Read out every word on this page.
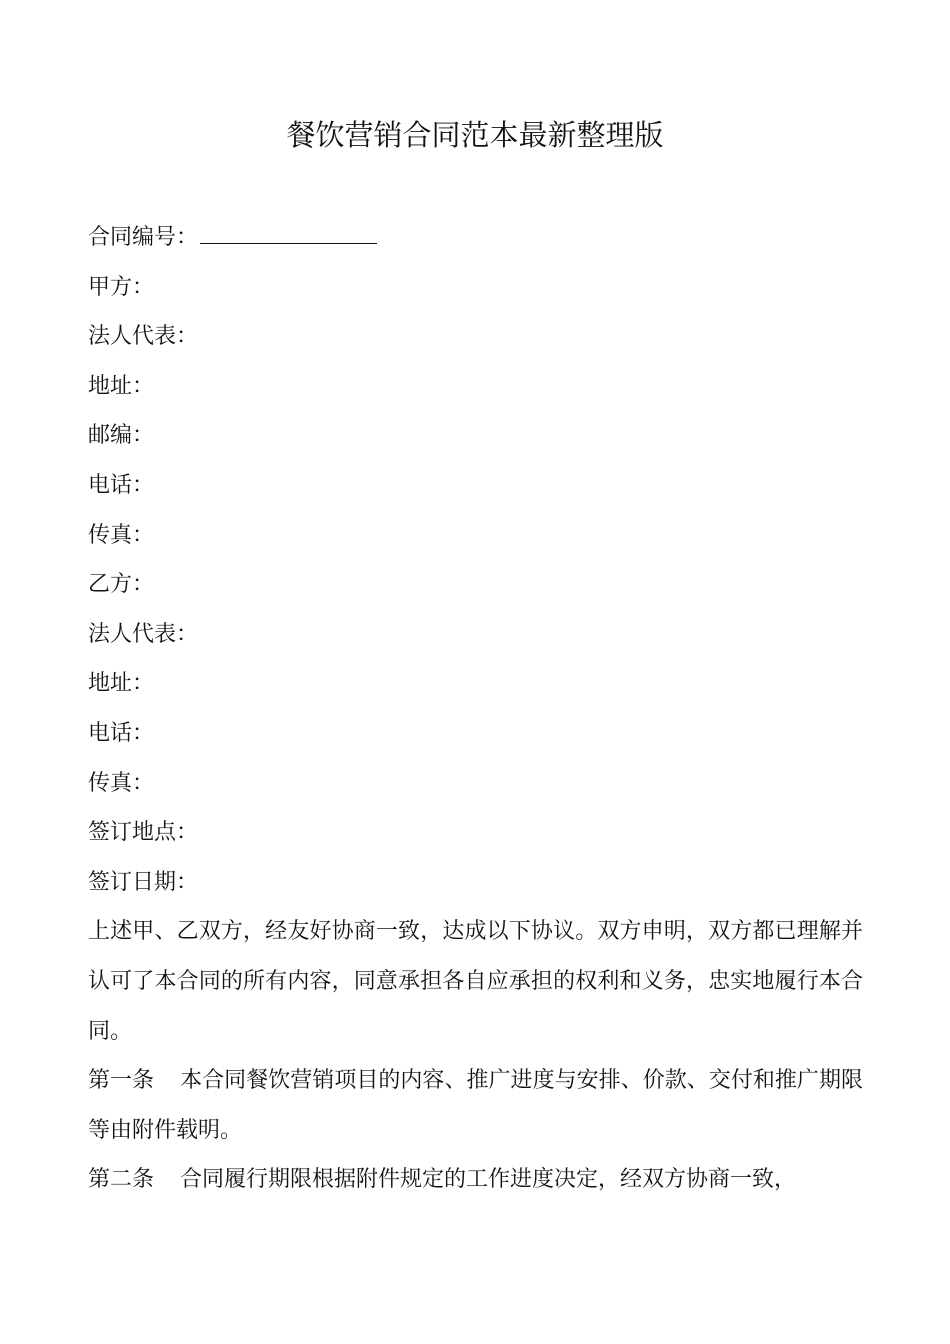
餐饮营销合同范本最新整理版
合同编号：
甲方：
法人代表：
地址：
邮编：
电话：
传真：
乙方：
法人代表：
地址：
电话：
传真：
签订地点：
签订日期：
上述甲、乙双方，经友好协商一致，达成以下协议。双方申明，双方都已理解并认可了本合同的所有内容，同意承担各自应承担的权利和义务，忠实地履行本合同。
第一条 本合同餐饮营销项目的内容、推广进度与安排、价款、交付和推广期限等由附件载明。
第二条 合同履行期限根据附件规定的工作进度决定，经双方协商一致，
